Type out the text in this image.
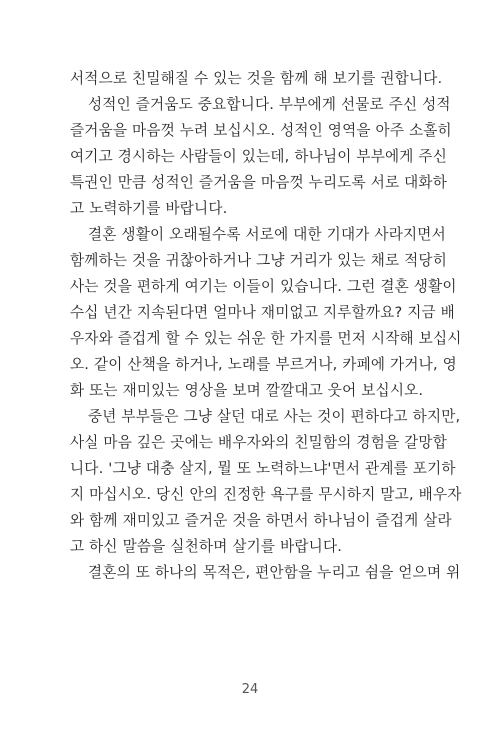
서적으로 친밀해질 수 있는 것을 함께 해 보기를 권합니다.
성적인 즐거움도 중요합니다. 부부에게 선물로 주신 성적
즐거움을 마음껏 누려 보십시오. 성적인 영역을 아주 소홀히
여기고 경시하는 사람들이 있는데, 하나님이 부부에게 주신
특권인 만큼 성적인 즐거움을 마음껏 누리도록 서로 대화하
고 노력하기를 바랍니다.
결혼 생활이 오래될수록 서로에 대한 기대가 사라지면서
함께하는 것을 귀찮아하거나 그냥 거리가 있는 채로 적당히
사는 것을 편하게 여기는 이들이 있습니다. 그런 결혼 생활이
수십 년간 지속된다면 얼마나 재미없고 지루할까요? 지금 배
우자와 즐겁게 할 수 있는 쉬운 한 가지를 먼저 시작해 보십시
오. 같이 산책을 하거나, 노래를 부르거나, 카페에 가거나, 영
화 또는 재미있는 영상을 보며 깔깔대고 웃어 보십시오.
중년 부부들은 그냥 살던 대로 사는 것이 편하다고 하지만,
사실 마음 깊은 곳에는 배우자와의 친밀함의 경험을 갈망합
니다. '그냥 대충 살지, 뭘 또 노력하느냐'면서 관계를 포기하
지 마십시오. 당신 안의 진정한 욕구를 무시하지 말고, 배우자
와 함께 재미있고 즐거운 것을 하면서 하나님이 즐겁게 살라
고 하신 말씀을 실천하며 살기를 바랍니다.
결혼의 또 하나의 목적은, 편안함을 누리고 쉼을 얻으며 위
24
